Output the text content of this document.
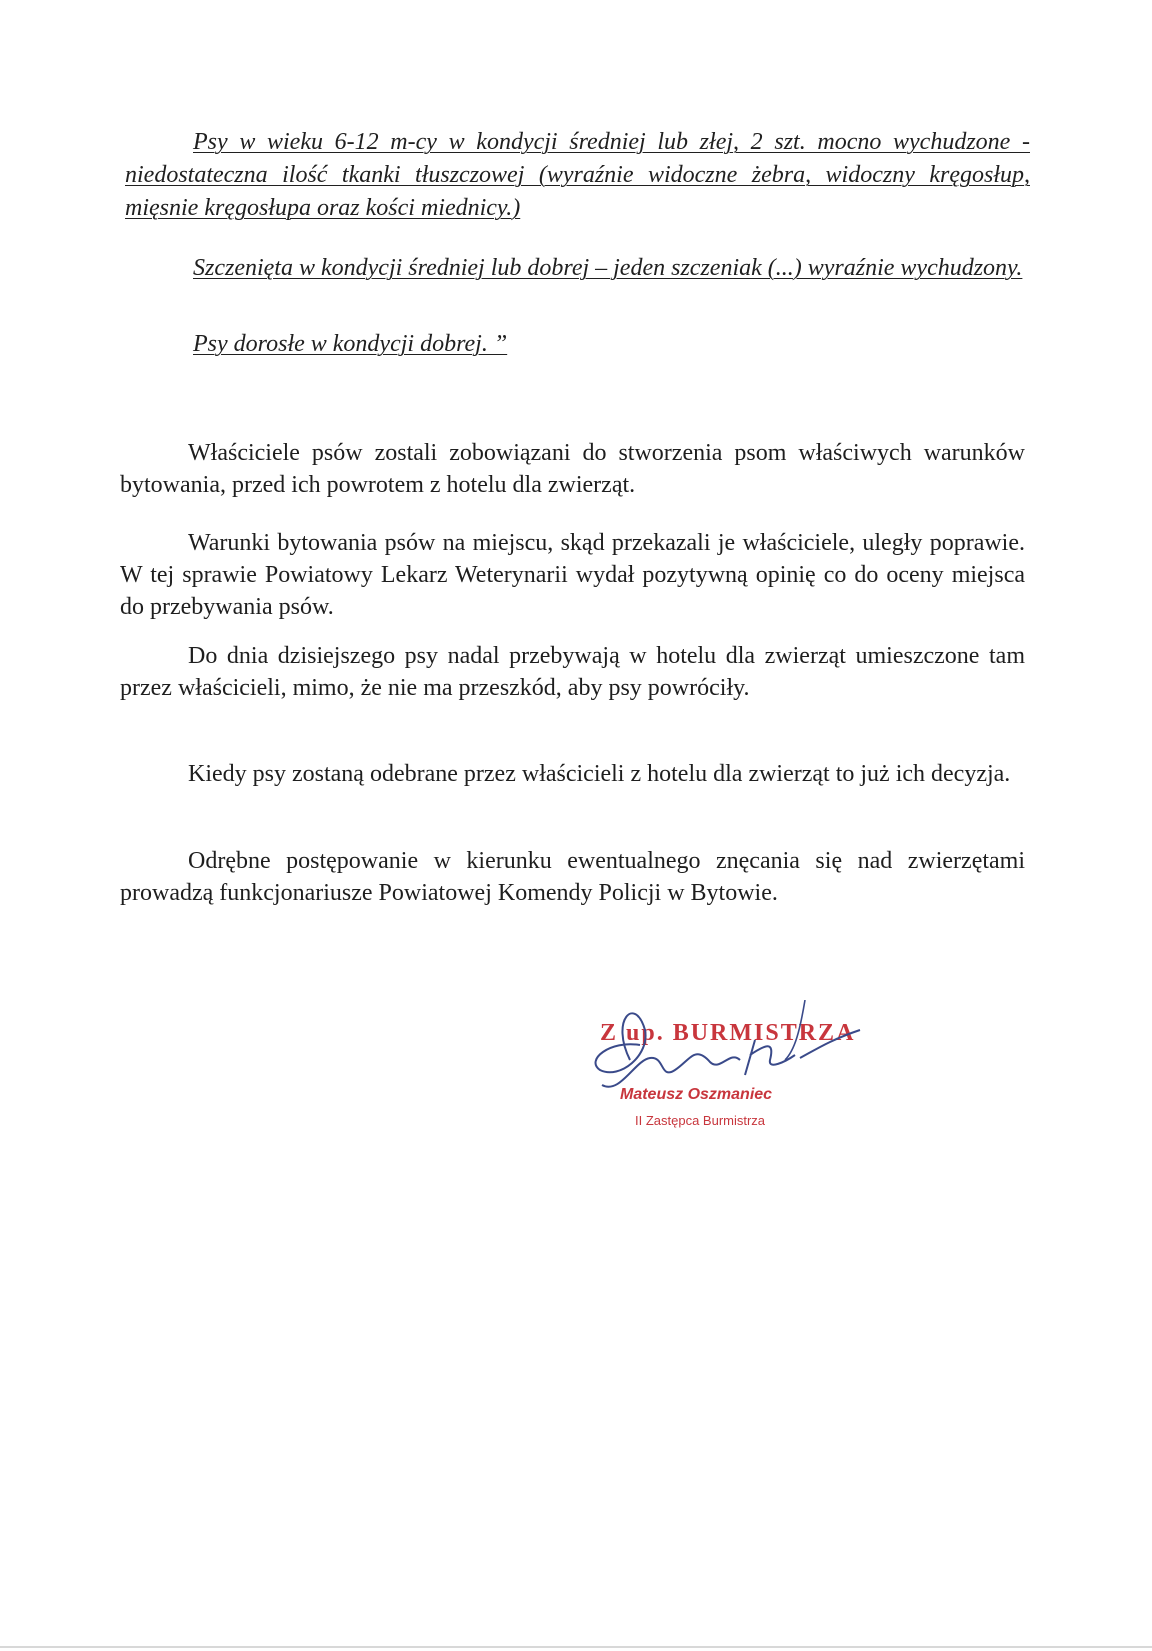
Psy w wieku 6-12 m-cy w kondycji średniej lub złej, 2 szt. mocno wychudzone - niedostateczna ilość tkanki tłuszczowej (wyraźnie widoczne żebra, widoczny kręgosłup, mięsnie kręgosłupa oraz kości miednicy.)

Szczenięta w kondycji średniej lub dobrej – jeden szczeniak (...) wyraźnie wychudzony.

Psy dorosłe w kondycji dobrej. ”

Właściciele psów zostali zobowiązani do stworzenia psom właściwych warunków bytowania, przed ich powrotem z hotelu dla zwierząt.

Warunki bytowania psów na miejscu, skąd przekazali je właściciele, uległy poprawie. W tej sprawie Powiatowy Lekarz Weterynarii wydał pozytywną opinię co do oceny miejsca do przebywania psów.

Do dnia dzisiejszego psy nadal przebywają w hotelu dla zwierząt umieszczone tam przez właścicieli, mimo, że nie ma przeszkód, aby psy powróciły.

Kiedy psy zostaną odebrane przez właścicieli z hotelu dla zwierząt to już ich decyzja.

Odrębne postępowanie w kierunku ewentualnego znęcania się nad zwierzętami prowadzą funkcjonariusze Powiatowej Komendy Policji w Bytowie.

Z up. BURMISTRZA
Mateusz Oszmaniec
II Zastępca Burmistrza
